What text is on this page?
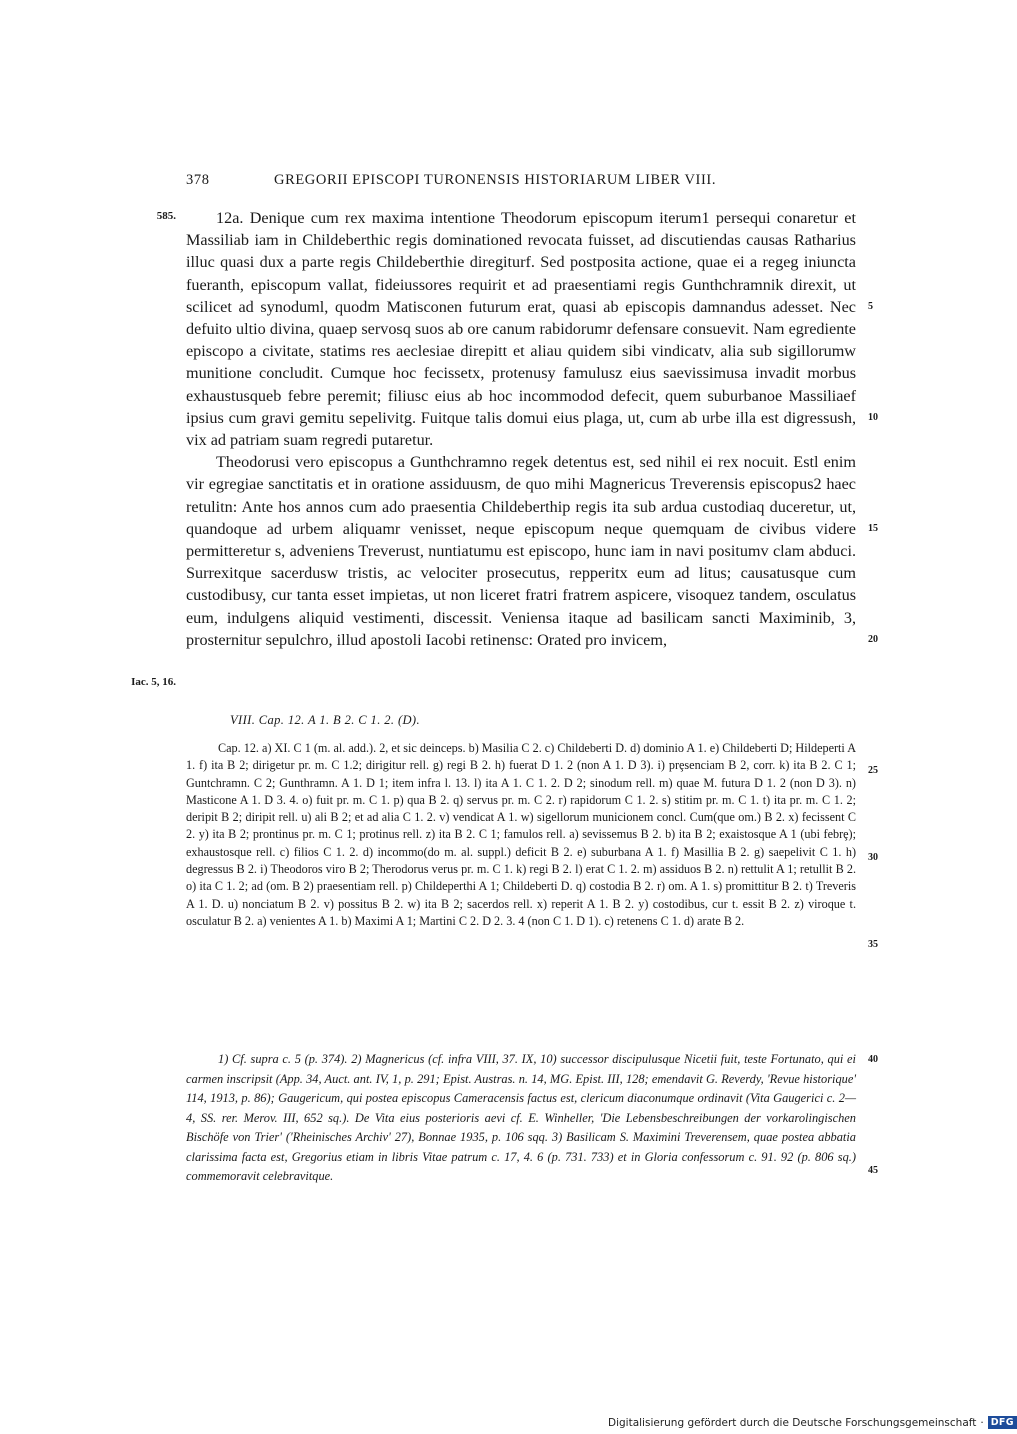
378	GREGORII EPISCOPI TURONENSIS HISTORIARUM LIBER VIII.
585.
Iac. 5, 16.
5
10
15
20
25
30
35
40
45

12a. Denique cum rex maxima intentione Theodorum episcopum iterum1 persequi conaretur et Massiliab iam in Childeberthic regis dominationed revocata fuisset, ad discutiendas causas Ratharius illuc quasi dux a parte regis Childeberthie diregiturf. Sed postposita actione, quae ei a regeg iniuncta fueranth, episcopum vallat, fideiussores requirit et ad praesentiami regis Gunthchramnik direxit, ut scilicet ad synoduml, quodm Matisconen futurum erat, quasi ab episcopis damnandus adesset. Nec defuito ultio divina, quaep servosq suos ab ore canum rabidorumr defensare consuevit. Nam egrediente episcopo a civitate, statims res aeclesiae direpitt et aliau quidem sibi vindicatv, alia sub sigillorumw munitione concludit. Cumque hoc fecissetx, protenusy famulusz eius saevissimusa invadit morbus exhaustusqueb febre peremit; filiusc eius ab hoc incommodod defecit, quem suburbanoe Massiliaef ipsius cum gravi gemitu sepelivitg. Fuitque talis domui eius plaga, ut, cum ab urbe illa est digressush, vix ad patriam suam regredi putaretur.

Theodorusi vero episcopus a Gunthchramno regek detentus est, sed nihil ei rex nocuit. Estl enim vir egregiae sanctitatis et in oratione assiduusm, de quo mihi Magnericus Treverensis episcopus2 haec retulitn: Ante hos annos cum ado praesentia Childeberthip regis ita sub ardua custodiaq duceretur, ut, quandoque ad urbem aliquamr venisset, neque episcopum neque quemquam de civibus videre permitteretur s, adveniens Treverust, nuntiatumu est episcopo, hunc iam in navi positumv clam abduci. Surrexitque sacerdusw tristis, ac velociter prosecutus, repperitx eum ad litus; causatusque cum custodibusy, cur tanta esset impietas, ut non liceret fratri fratrem aspicere, visoquez tandem, osculatus eum, indulgens aliquid vestimenti, discessit. Veniensa itaque ad basilicam sancti Maximinib, 3, prosternitur sepulchro, illud apostoli Iacobi retinensc: Orated pro invicem,

VIII. Cap. 12. A 1. B 2. C 1. 2. (D).

Cap. 12. a) XI. C 1 (m. al. add.). 2, et sic deinceps. b) Masilia C 2. c) Childeberti D. d) dominio A 1. e) Childeberti D; Hildeperti A 1. f) ita B 2; dirigetur pr. m. C 1.2; dirigitur rell. g) regi B 2. h) fuerat D 1. 2 (non A 1. D 3). i) prȩsenciam B 2, corr. k) ita B 2. C 1; Guntchramn. C 2; Gunthramn. A 1. D 1; item infra l. 13. l) ita A 1. C 1. 2. D 2; sinodum rell. m) quae M. futura D 1. 2 (non D 3). n) Masticone A 1. D 3. 4. o) fuit pr. m. C 1. p) qua B 2. q) servus pr. m. C 2. r) rapidorum C 1. 2. s) stitim pr. m. C 1. t) ita pr. m. C 1. 2; deripit B 2; diripit rell. u) ali B 2; et ad alia C 1. 2. v) vendicat A 1. w) sigellorum municionem concl. Cum(que om.) B 2. x) fecissent C 2. y) ita B 2; prontinus pr. m. C 1; protinus rell. z) ita B 2. C 1; famulos rell. a) sevissemus B 2. b) ita B 2; exaistosque A 1 (ubi febrȩ); exhaustosque rell. c) filios C 1. 2. d) incommo(do m. al. suppl.) deficit B 2. e) suburbana A 1. f) Masillia B 2. g) saepelivit C 1. h) degressus B 2. i) Theodoros viro B 2; Therodorus verus pr. m. C 1. k) regi B 2. l) erat C 1. 2. m) assiduos B 2. n) rettulit A 1; retullit B 2. o) ita C 1. 2; ad (om. B 2) praesentiam rell. p) Childeperthi A 1; Childeberti D. q) costodia B 2. r) om. A 1. s) promittitur B 2. t) Treveris A 1. D. u) nonciatum B 2. v) possitus B 2. w) ita B 2; sacerdos rell. x) reperit A 1. B 2. y) costodibus, cur t. essit B 2. z) viroque t. osculatur B 2. a) venientes A 1. b) Maximi A 1; Martini C 2. D 2. 3. 4 (non C 1. D 1). c) retenens C 1. d) arate B 2.

1) Cf. supra c. 5 (p. 374). 2) Magnericus (cf. infra VIII, 37. IX, 10) successor discipulusque Nicetii fuit, teste Fortunato, qui ei carmen inscripsit (App. 34, Auct. ant. IV, 1, p. 291; Epist. Austras. n. 14, MG. Epist. III, 128; emendavit G. Reverdy, 'Revue historique' 114, 1913, p. 86); Gaugericum, qui postea episcopus Cameracensis factus est, clericum diaconumque ordinavit (Vita Gaugerici c. 2—4, SS. rer. Merov. III, 652 sq.). De Vita eius posterioris aevi cf. E. Winheller, 'Die Lebensbeschreibungen der vorkarolingischen Bischöfe von Trier' ('Rheinisches Archiv' 27), Bonnae 1935, p. 106 sqq. 3) Basilicam S. Maximini Treverensem, quae postea abbatia clarissima facta est, Gregorius etiam in libris Vitae patrum c. 17, 4. 6 (p. 731. 733) et in Gloria confessorum c. 91. 92 (p. 806 sq.) commemoravit celebravitque.

Digitalisierung gefördert durch die Deutsche Forschungsgemeinschaft · DFG
